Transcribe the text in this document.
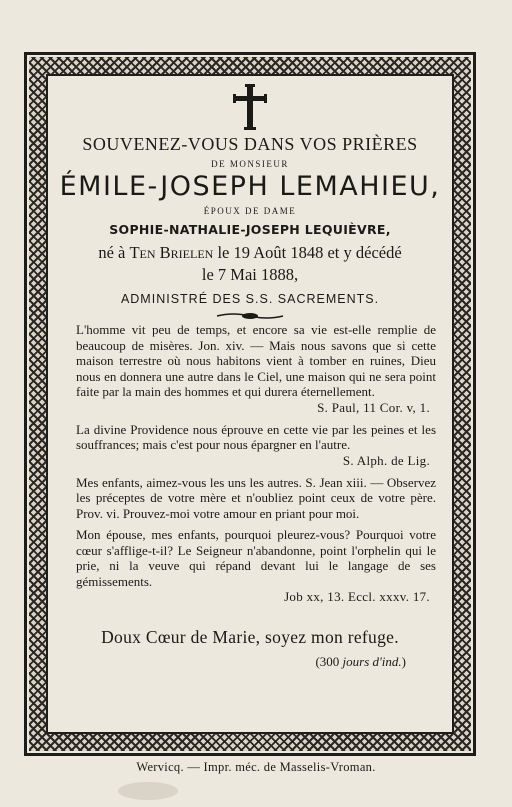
SOUVENEZ-VOUS DANS VOS PRIÈRES
DE MONSIEUR
ÉMILE-JOSEPH LEMAHIEU,
ÉPOUX DE DAME
SOPHIE-NATHALIE-JOSEPH LEQUIÈVRE,
né à Ten Brielen le 19 Août 1848 et y décédé
le 7 Mai 1888,
ADMINISTRÉ DES S.S. SACREMENTS.
L'homme vit peu de temps, et encore sa vie est-elle remplie de beaucoup de misères. Jon. xiv. — Mais nous savons que si cette maison terrestre où nous habitons vient à tomber en ruines, Dieu nous en donnera une autre dans le Ciel, une maison qui ne sera point faite par la main des hommes et qui durera éternellement.
S. Paul, 11 Cor. v, 1.
La divine Providence nous éprouve en cette vie par les peines et les souffrances; mais c'est pour nous épargner en l'autre.
S. Alph. de Lig.
Mes enfants, aimez-vous les uns les autres. S. Jean xiii. — Observez les préceptes de votre mère et n'oubliez point ceux de votre père. Prov. vi. Prouvez-moi votre amour en priant pour moi.
Mon épouse, mes enfants, pourquoi pleurez-vous? Pourquoi votre cœur s'afflige-t-il? Le Seigneur n'abandonne, point l'orphelin qui le prie, ni la veuve qui répand devant lui le langage de ses gémissements.
Job xx, 13. Eccl. xxxv. 17.
Doux Cœur de Marie, soyez mon refuge.
(300 jours d'ind.)
Wervicq. — Impr. méc. de Masselis-Vroman.
